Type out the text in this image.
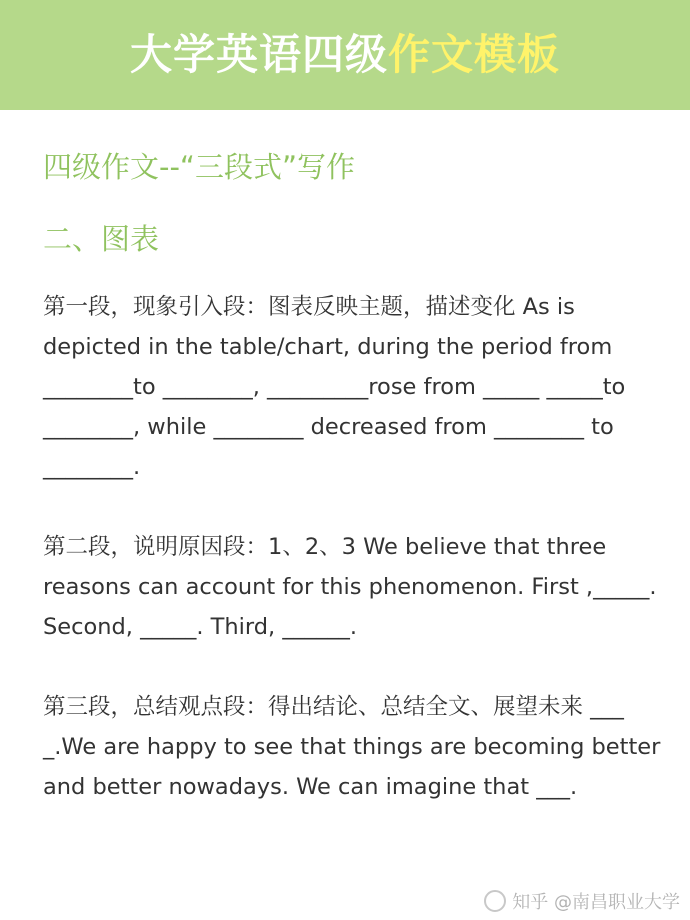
大学英语四级作文模板
四级作文--“三段式”写作
二、图表

第一段，现象引入段：图表反映主题，描述变化 As is depicted in the table/chart, during the period from ________to ________, _________rose from _____ _____to ________, while ________ decreased from ________ to ________.

第二段，说明原因段：1、2、3 We believe that three reasons can account for this phenomenon. First ,_____. Second, _____. Third, ______.

第三段，总结观点段：得出结论、总结全文、展望未来 ___ _.We are happy to see that things are becoming better and better nowadays. We can imagine that ___.

知乎 @南昌职业大学
